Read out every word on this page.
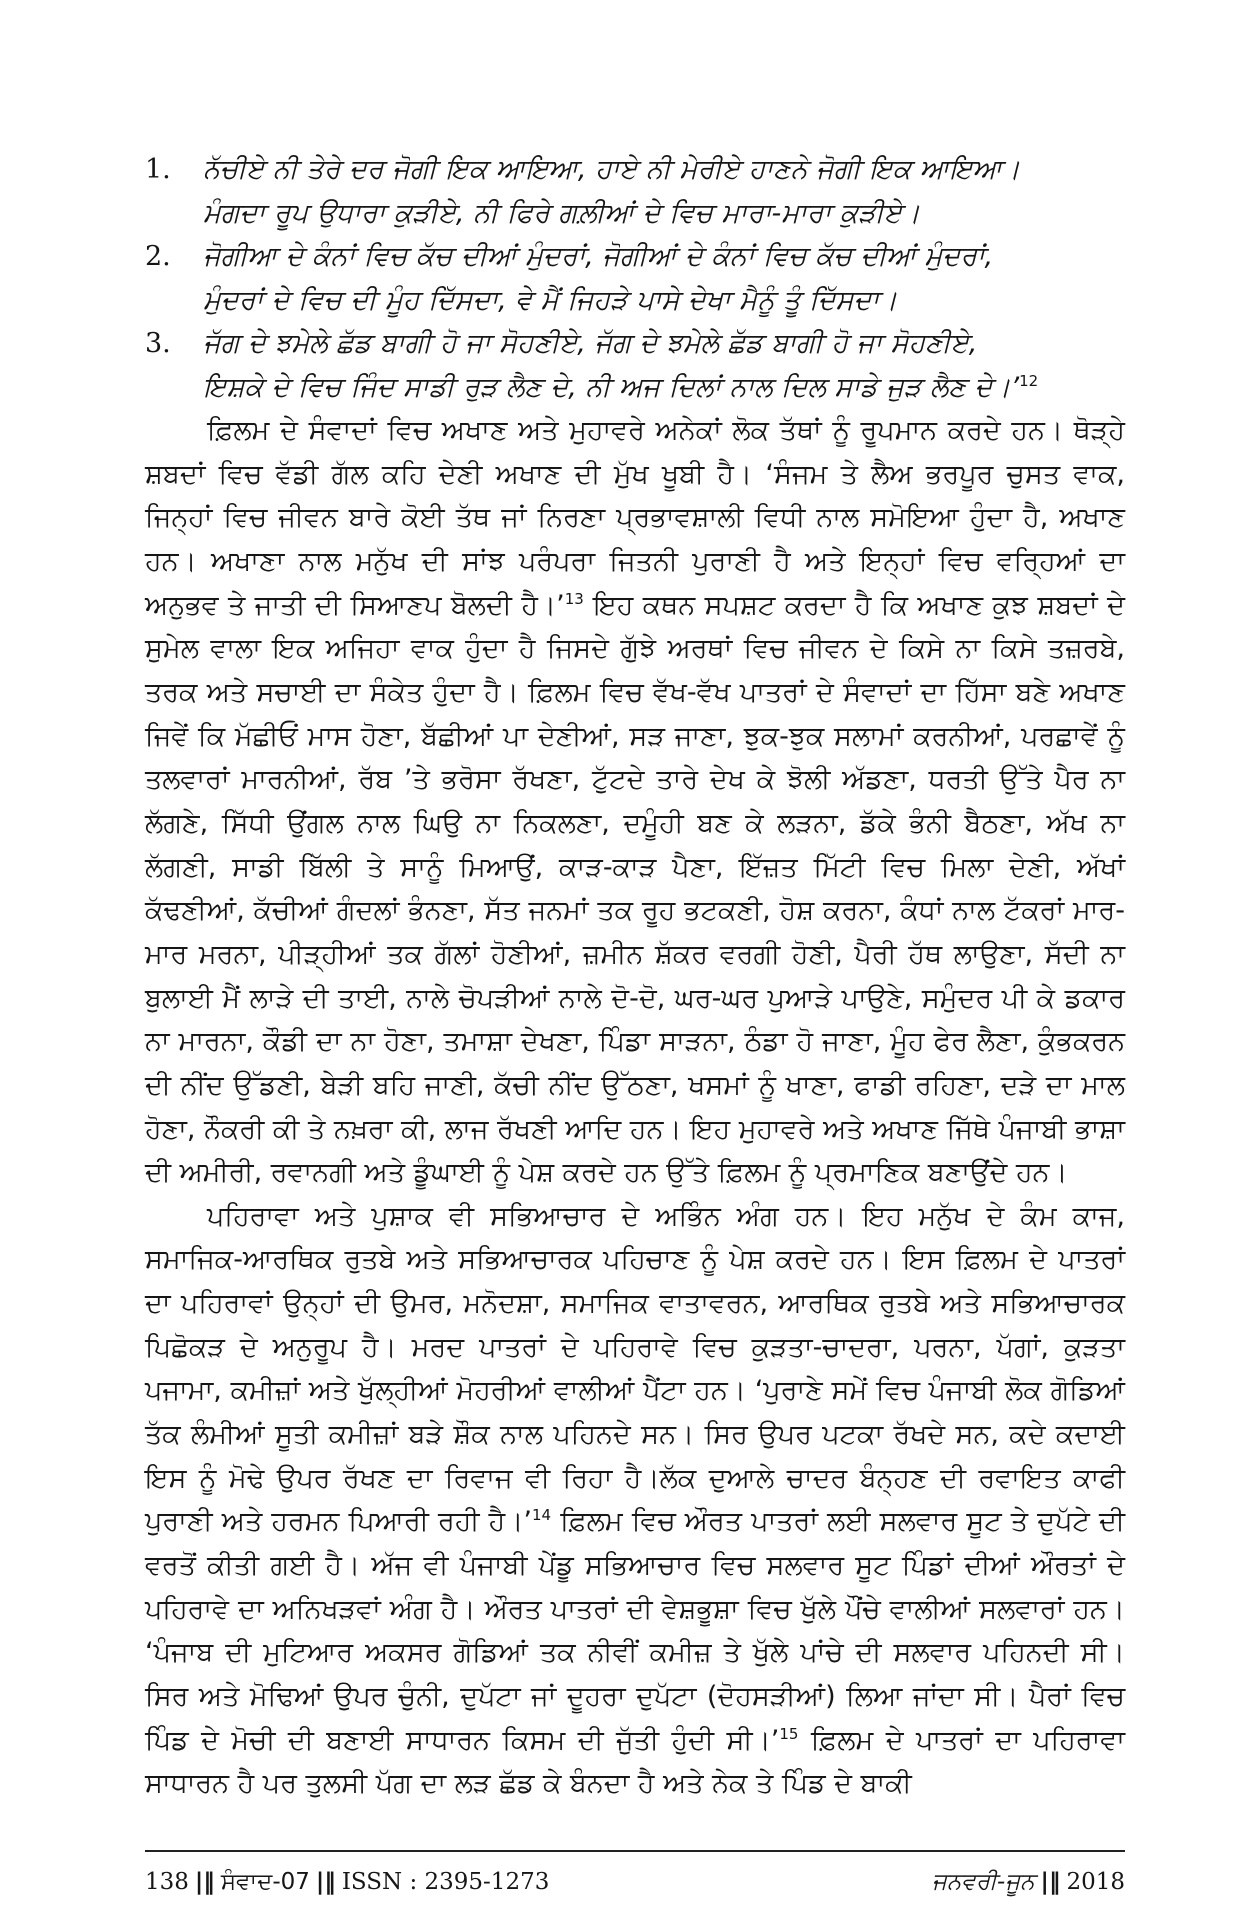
1. ਨੱਚੀਏ ਨੀ ਤੇਰੇ ਦਰ ਜੋਗੀ ਇਕ ਆਇਆ, ਹਾਏ ਨੀ ਮੇਰੀਏ ਹਾਣਨੇ ਜੋਗੀ ਇਕ ਆਇਆ।
ਮੰਗਦਾ ਰੂਪ ਉਧਾਰਾ ਕੁੜੀਏ, ਨੀ ਫਿਰੇ ਗਲ਼ੀਆਂ ਦੇ ਵਿਚ ਮਾਰਾ-ਮਾਰਾ ਕੁੜੀਏ।
2. ਜੋਗੀਆ ਦੇ ਕੰਨਾਂ ਵਿਚ ਕੱਚ ਦੀਆਂ ਮੁੰਦਰਾਂ, ਜੋਗੀਆਂ ਦੇ ਕੰਨਾਂ ਵਿਚ ਕੱਚ ਦੀਆਂ ਮੁੰਦਰਾਂ,
ਮੁੰਦਰਾਂ ਦੇ ਵਿਚ ਦੀ ਮੂੰਹ ਦਿੱਸਦਾ, ਵੇ ਮੈਂ ਜਿਹੜੇ ਪਾਸੇ ਦੇਖਾ ਮੈਨੂੰ ਤੂੰ ਦਿੱਸਦਾ।
3. ਜੱਗ ਦੇ ਝਮੇਲੇ ਛੱਡ ਬਾਗੀ ਹੋ ਜਾ ਸੋਹਣੀਏ, ਜੱਗ ਦੇ ਝਮੇਲੇ ਛੱਡ ਬਾਗੀ ਹੋ ਜਾ ਸੋਹਣੀਏ,
ਇਸ਼ਕੇ ਦੇ ਵਿਚ ਜਿੰਦ ਸਾਡੀ ਰੁੜ ਲੈਣ ਦੇ, ਨੀ ਅਜ ਦਿਲਾਂ ਨਾਲ ਦਿਲ ਸਾਡੇ ਜੁੜ ਲੈਣ ਦੇ।’$^{12}$

ਫ਼ਿਲਮ ਦੇ ਸੰਵਾਦਾਂ ਵਿਚ ਅਖਾਣ ਅਤੇ ਮੁਹਾਵਰੇ ਅਨੇਕਾਂ ਲੋਕ ਤੱਥਾਂ ਨੂੰ ਰੂਪਮਾਨ ਕਰਦੇ ਹਨ। ਥੋੜ੍ਹੇ ਸ਼ਬਦਾਂ ਵਿਚ ਵੱਡੀ ਗੱਲ ਕਹਿ ਦੇਣੀ ਅਖਾਣ ਦੀ ਮੁੱਖ ਖੂਬੀ ਹੈ। ‘ਸੰਜਮ ਤੇ ਲੈਅ ਭਰਪੂਰ ਚੁਸਤ ਵਾਕ, ਜਿਨ੍ਹਾਂ ਵਿਚ ਜੀਵਨ ਬਾਰੇ ਕੋਈ ਤੱਥ ਜਾਂ ਨਿਰਣਾ ਪ੍ਰਭਾਵਸ਼ਾਲੀ ਵਿਧੀ ਨਾਲ ਸਮੋਇਆ ਹੁੰਦਾ ਹੈ, ਅਖਾਣ ਹਨ। ਅਖਾਣਾ ਨਾਲ ਮਨੁੱਖ ਦੀ ਸਾਂਝ ਪਰੰਪਰਾ ਜਿਤਨੀ ਪੁਰਾਣੀ ਹੈ ਅਤੇ ਇਨ੍ਹਾਂ ਵਿਚ ਵਰ੍ਹਿਆਂ ਦਾ ਅਨੁਭਵ ਤੇ ਜਾਤੀ ਦੀ ਸਿਆਣਪ ਬੋਲਦੀ ਹੈ।’$^{13}$ ਇਹ ਕਥਨ ਸਪਸ਼ਟ ਕਰਦਾ ਹੈ ਕਿ ਅਖਾਣ ਕੁਝ ਸ਼ਬਦਾਂ ਦੇ ਸੁਮੇਲ ਵਾਲਾ ਇਕ ਅਜਿਹਾ ਵਾਕ ਹੁੰਦਾ ਹੈ ਜਿਸਦੇ ਗੁੱਝੇ ਅਰਥਾਂ ਵਿਚ ਜੀਵਨ ਦੇ ਕਿਸੇ ਨਾ ਕਿਸੇ ਤਜ਼ਰਬੇ, ਤਰਕ ਅਤੇ ਸਚਾਈ ਦਾ ਸੰਕੇਤ ਹੁੰਦਾ ਹੈ। ਫ਼ਿਲਮ ਵਿਚ ਵੱਖ-ਵੱਖ ਪਾਤਰਾਂ ਦੇ ਸੰਵਾਦਾਂ ਦਾ ਹਿੱਸਾ ਬਣੇ ਅਖਾਣ ਜਿਵੇਂ ਕਿ ਮੱਛੀਓਂ ਮਾਸ ਹੋਣਾ, ਬੱਛੀਆਂ ਪਾ ਦੇਣੀਆਂ, ਸੜ ਜਾਣਾ, ਝੁਕ-ਝੁਕ ਸਲਾਮਾਂ ਕਰਨੀਆਂ, ਪਰਛਾਵੇਂ ਨੂੰ ਤਲਵਾਰਾਂ ਮਾਰਨੀਆਂ, ਰੱਬ ’ਤੇ ਭਰੋਸਾ ਰੱਖਣਾ, ਟੁੱਟਦੇ ਤਾਰੇ ਦੇਖ ਕੇ ਝੋਲੀ ਅੱਡਣਾ, ਧਰਤੀ ਉੱਤੇ ਪੈਰ ਨਾ ਲੱਗਣੇ, ਸਿੱਧੀ ਉਂਗਲ ਨਾਲ ਘਿਉ ਨਾ ਨਿਕਲਣਾ, ਦਮੂੰਹੀ ਬਣ ਕੇ ਲੜਨਾ, ਡੱਕੇ ਭੰਨੀ ਬੈਠਣਾ, ਅੱਖ ਨਾ ਲੱਗਣੀ, ਸਾਡੀ ਬਿੱਲੀ ਤੇ ਸਾਨੂੰ ਮਿਆਉਂ, ਕਾੜ-ਕਾੜ ਪੈਣਾ, ਇੱਜ਼ਤ ਮਿੱਟੀ ਵਿਚ ਮਿਲਾ ਦੇਣੀ, ਅੱਖਾਂ ਕੱਢਣੀਆਂ, ਕੱਚੀਆਂ ਗੰਦਲਾਂ ਭੰਨਣਾ, ਸੱਤ ਜਨਮਾਂ ਤਕ ਰੂਹ ਭਟਕਣੀ, ਹੋਸ਼ ਕਰਨਾ, ਕੰਧਾਂ ਨਾਲ ਟੱਕਰਾਂ ਮਾਰ-ਮਾਰ ਮਰਨਾ, ਪੀੜ੍ਹੀਆਂ ਤਕ ਗੱਲਾਂ ਹੋਣੀਆਂ, ਜ਼ਮੀਨ ਸ਼ੱਕਰ ਵਰਗੀ ਹੋਣੀ, ਪੈਰੀ ਹੱਥ ਲਾਉਣਾ, ਸੱਦੀ ਨਾ ਬੁਲਾਈ ਮੈਂ ਲਾੜੇ ਦੀ ਤਾਈ, ਨਾਲੇ ਚੋਪੜੀਆਂ ਨਾਲੇ ਦੋ-ਦੋ, ਘਰ-ਘਰ ਪੁਆੜੇ ਪਾਉਣੇ, ਸਮੁੰਦਰ ਪੀ ਕੇ ਡਕਾਰ ਨਾ ਮਾਰਨਾ, ਕੌਡੀ ਦਾ ਨਾ ਹੋਣਾ, ਤਮਾਸ਼ਾ ਦੇਖਣਾ, ਪਿੰਡਾ ਸਾੜਨਾ, ਠੰਡਾ ਹੋ ਜਾਣਾ, ਮੂੰਹ ਫੇਰ ਲੈਣਾ, ਕੁੰਭਕਰਨ ਦੀ ਨੀਂਦ ਉੱਡਣੀ, ਬੇੜੀ ਬਹਿ ਜਾਣੀ, ਕੱਚੀ ਨੀਂਦ ਉੱਠਣਾ, ਖਸਮਾਂ ਨੂੰ ਖਾਣਾ, ਫਾਡੀ ਰਹਿਣਾ, ਦੜੇ ਦਾ ਮਾਲ ਹੋਣਾ, ਨੌਕਰੀ ਕੀ ਤੇ ਨਖ਼ਰਾ ਕੀ, ਲਾਜ ਰੱਖਣੀ ਆਦਿ ਹਨ। ਇਹ ਮੁਹਾਵਰੇ ਅਤੇ ਅਖਾਣ ਜਿੱਥੇ ਪੰਜਾਬੀ ਭਾਸ਼ਾ ਦੀ ਅਮੀਰੀ, ਰਵਾਨਗੀ ਅਤੇ ਡੂੰਘਾਈ ਨੂੰ ਪੇਸ਼ ਕਰਦੇ ਹਨ ਉੱਤੇ ਫ਼ਿਲਮ ਨੂੰ ਪ੍ਰਮਾਣਿਕ ਬਣਾਉਂਦੇ ਹਨ।

ਪਹਿਰਾਵਾ ਅਤੇ ਪੁਸ਼ਾਕ ਵੀ ਸਭਿਆਚਾਰ ਦੇ ਅਭਿੰਨ ਅੰਗ ਹਨ। ਇਹ ਮਨੁੱਖ ਦੇ ਕੰਮ ਕਾਜ, ਸਮਾਜਿਕ-ਆਰਥਿਕ ਰੁਤਬੇ ਅਤੇ ਸਭਿਆਚਾਰਕ ਪਹਿਚਾਣ ਨੂੰ ਪੇਸ਼ ਕਰਦੇ ਹਨ। ਇਸ ਫ਼ਿਲਮ ਦੇ ਪਾਤਰਾਂ ਦਾ ਪਹਿਰਾਵਾਂ ਉਨ੍ਹਾਂ ਦੀ ਉਮਰ, ਮਨੋਦਸ਼ਾ, ਸਮਾਜਿਕ ਵਾਤਾਵਰਨ, ਆਰਥਿਕ ਰੁਤਬੇ ਅਤੇ ਸਭਿਆਚਾਰਕ ਪਿਛੋਕੜ ਦੇ ਅਨੁਰੂਪ ਹੈ। ਮਰਦ ਪਾਤਰਾਂ ਦੇ ਪਹਿਰਾਵੇ ਵਿਚ ਕੁੜਤਾ-ਚਾਦਰਾ, ਪਰਨਾ, ਪੱਗਾਂ, ਕੁੜਤਾ ਪਜਾਮਾ, ਕਮੀਜ਼ਾਂ ਅਤੇ ਖੁੱਲ੍ਹੀਆਂ ਮੋਹਰੀਆਂ ਵਾਲੀਆਂ ਪੈਂਟਾ ਹਨ। ‘ਪੁਰਾਣੇ ਸਮੇਂ ਵਿਚ ਪੰਜਾਬੀ ਲੋਕ ਗੋਡਿਆਂ ਤੱਕ ਲੰਮੀਆਂ ਸੂਤੀ ਕਮੀਜ਼ਾਂ ਬੜੇ ਸ਼ੌਕ ਨਾਲ ਪਹਿਨਦੇ ਸਨ। ਸਿਰ ਉਪਰ ਪਟਕਾ ਰੱਖਦੇ ਸਨ, ਕਦੇ ਕਦਾਈ ਇਸ ਨੂੰ ਮੋਢੇ ਉਪਰ ਰੱਖਣ ਦਾ ਰਿਵਾਜ ਵੀ ਰਿਹਾ ਹੈ।ਲੱਕ ਦੁਆਲੇ ਚਾਦਰ ਬੰਨ੍ਹਣ ਦੀ ਰਵਾਇਤ ਕਾਫੀ ਪੁਰਾਣੀ ਅਤੇ ਹਰਮਨ ਪਿਆਰੀ ਰਹੀ ਹੈ।’$^{14}$ ਫ਼ਿਲਮ ਵਿਚ ਔਰਤ ਪਾਤਰਾਂ ਲਈ ਸਲਵਾਰ ਸੂਟ ਤੇ ਦੁਪੱਟੇ ਦੀ ਵਰਤੋਂ ਕੀਤੀ ਗਈ ਹੈ। ਅੱਜ ਵੀ ਪੰਜਾਬੀ ਪੇਂਡੂ ਸਭਿਆਚਾਰ ਵਿਚ ਸਲਵਾਰ ਸੂਟ ਪਿੰਡਾਂ ਦੀਆਂ ਔਰਤਾਂ ਦੇ ਪਹਿਰਾਵੇ ਦਾ ਅਨਿਖੜਵਾਂ ਅੰਗ ਹੈ। ਔਰਤ ਪਾਤਰਾਂ ਦੀ ਵੇਸ਼ਭੂਸ਼ਾ ਵਿਚ ਖੁੱਲੇ ਪੌਂਚੇ ਵਾਲੀਆਂ ਸਲਵਾਰਾਂ ਹਨ। ‘ਪੰਜਾਬ ਦੀ ਮੁਟਿਆਰ ਅਕਸਰ ਗੋਡਿਆਂ ਤਕ ਨੀਵੀਂ ਕਮੀਜ਼ ਤੇ ਖੁੱਲੇ ਪਾਂਚੇ ਦੀ ਸਲਵਾਰ ਪਹਿਨਦੀ ਸੀ। ਸਿਰ ਅਤੇ ਮੋਢਿਆਂ ਉਪਰ ਚੁੰਨੀ, ਦੁਪੱਟਾ ਜਾਂ ਦੂਹਰਾ ਦੁਪੱਟਾ (ਦੋਹਸੜੀਆਂ) ਲਿਆ ਜਾਂਦਾ ਸੀ। ਪੈਰਾਂ ਵਿਚ ਪਿੰਡ ਦੇ ਮੋਚੀ ਦੀ ਬਣਾਈ ਸਾਧਾਰਨ ਕਿਸਮ ਦੀ ਜੁੱਤੀ ਹੁੰਦੀ ਸੀ।’$^{15}$ ਫ਼ਿਲਮ ਦੇ ਪਾਤਰਾਂ ਦਾ ਪਹਿਰਾਵਾ ਸਾਧਾਰਨ ਹੈ ਪਰ ਤੁਲਸੀ ਪੱਗ ਦਾ ਲੜ ਛੱਡ ਕੇ ਬੰਨਦਾ ਹੈ ਅਤੇ ਨੇਕ ਤੇ ਪਿੰਡ ਦੇ ਬਾਕੀ

138 |‖ ਸੰਵਾਦ-07 |‖ ISSN : 2395-1273	ਜਨਵਰੀ-ਜੂਨ |‖ 2018
